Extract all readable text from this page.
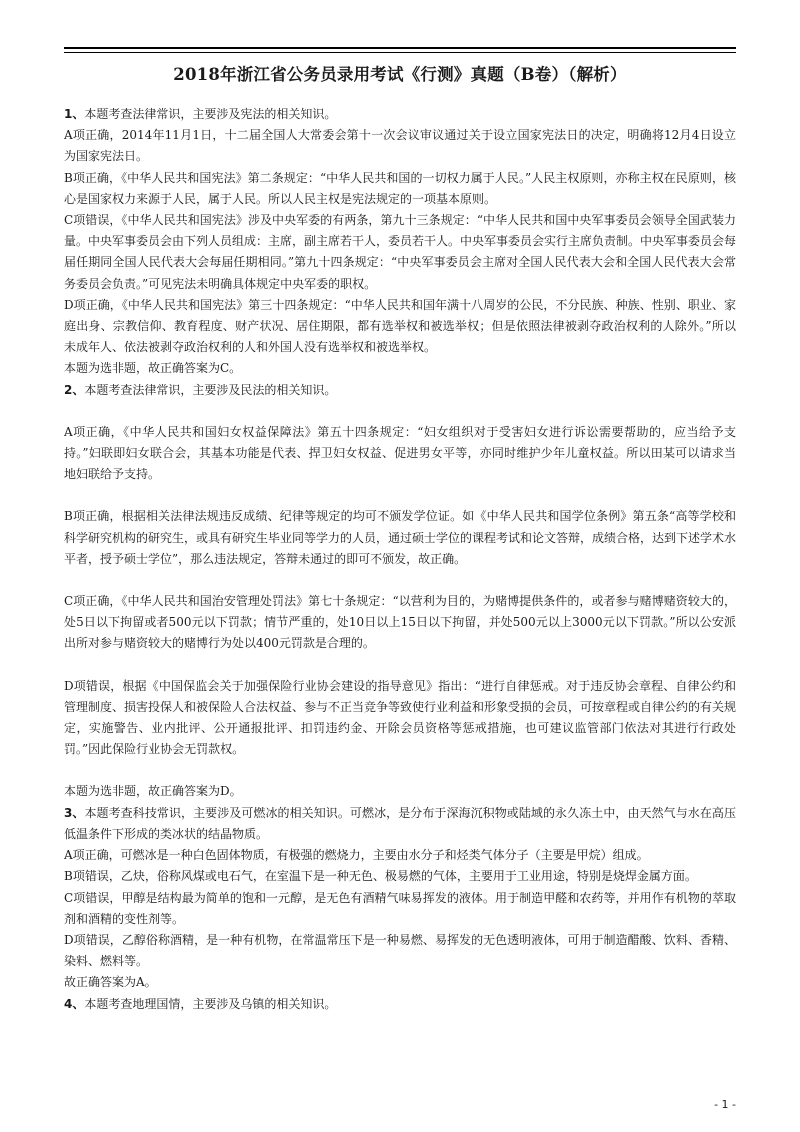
2018年浙江省公务员录用考试《行测》真题（B卷）（解析）

1、本题考查法律常识，主要涉及宪法的相关知识。

A项正确，2014年11月1日，十二届全国人大常委会第十一次会议审议通过关于设立国家宪法日的决定，明确将12月4日设立为国家宪法日。

B项正确，《中华人民共和国宪法》第二条规定：“中华人民共和国的一切权力属于人民。”人民主权原则，亦称主权在民原则，核心是国家权力来源于人民，属于人民。所以人民主权是宪法规定的一项基本原则。

C项错误，《中华人民共和国宪法》涉及中央军委的有两条，第九十三条规定：“中华人民共和国中央军事委员会领导全国武装力量。中央军事委员会由下列人员组成：主席，副主席若干人，委员若干人。中央军事委员会实行主席负责制。中央军事委员会每届任期同全国人民代表大会每届任期相同。”第九十四条规定：“中央军事委员会主席对全国人民代表大会和全国人民代表大会常务委员会负责。”可见宪法未明确具体规定中央军委的职权。

D项正确，《中华人民共和国宪法》第三十四条规定：“中华人民共和国年满十八周岁的公民，不分民族、种族、性别、职业、家庭出身、宗教信仰、教育程度、财产状况、居住期限，都有选举权和被选举权；但是依照法律被剥夺政治权利的人除外。”所以未成年人、依法被剥夺政治权利的人和外国人没有选举权和被选举权。

本题为选非题，故正确答案为C。

2、本题考查法律常识，主要涉及民法的相关知识。

A项正确，《中华人民共和国妇女权益保障法》第五十四条规定：“妇女组织对于受害妇女进行诉讼需要帮助的，应当给予支持。”妇联即妇女联合会，其基本功能是代表、捍卫妇女权益、促进男女平等，亦同时维护少年儿童权益。所以田某可以请求当地妇联给予支持。

B项正确，根据相关法律法规违反成绩、纪律等规定的均可不颁发学位证。如《中华人民共和国学位条例》第五条“高等学校和科学研究机构的研究生，或具有研究生毕业同等学力的人员，通过硕士学位的课程考试和论文答辩，成绩合格，达到下述学术水平者，授予硕士学位”，那么违法规定，答辩未通过的即可不颁发，故正确。

C项正确，《中华人民共和国治安管理处罚法》第七十条规定：“以营利为目的，为赌博提供条件的，或者参与赌博赌资较大的，处5日以下拘留或者500元以下罚款；情节严重的，处10日以上15日以下拘留，并处500元以上3000元以下罚款。”所以公安派出所对参与赌资较大的赌博行为处以400元罚款是合理的。

D项错误，根据《中国保监会关于加强保险行业协会建设的指导意见》指出：“进行自律惩戒。对于违反协会章程、自律公约和管理制度、损害投保人和被保险人合法权益、参与不正当竞争等致使行业利益和形象受损的会员，可按章程或自律公约的有关规定，实施警告、业内批评、公开通报批评、扣罚违约金、开除会员资格等惩戒措施，也可建议监管部门依法对其进行行政处罚。”因此保险行业协会无罚款权。

本题为选非题，故正确答案为D。

3、本题考查科技常识，主要涉及可燃冰的相关知识。可燃冰，是分布于深海沉积物或陆域的永久冻土中，由天然气与水在高压低温条件下形成的类冰状的结晶物质。

A项正确，可燃冰是一种白色固体物质，有极强的燃烧力，主要由水分子和烃类气体分子（主要是甲烷）组成。

B项错误，乙炔，俗称风煤或电石气，在室温下是一种无色、极易燃的气体，主要用于工业用途，特别是烧焊金属方面。

C项错误，甲醇是结构最为简单的饱和一元醇，是无色有酒精气味易挥发的液体。用于制造甲醛和农药等，并用作有机物的萃取剂和酒精的变性剂等。

D项错误，乙醇俗称酒精，是一种有机物，在常温常压下是一种易燃、易挥发的无色透明液体，可用于制造醋酸、饮料、香精、染料、燃料等。

故正确答案为A。

4、本题考查地理国情，主要涉及乌镇的相关知识。

- 1 -
